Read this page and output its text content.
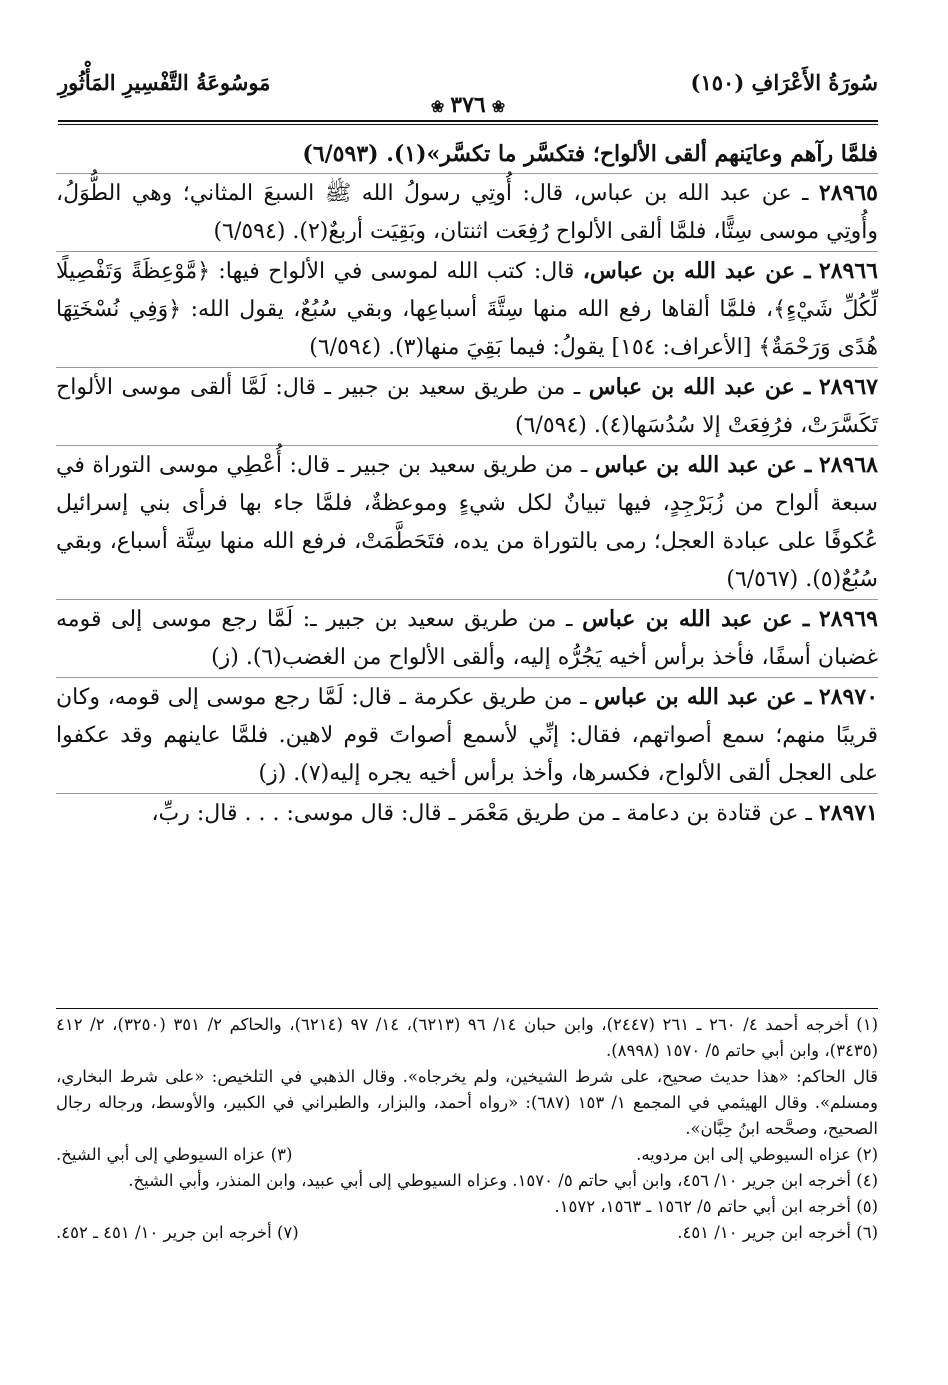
سُورَةُ الأَعْرَافِ (١٥٠)
مَوسُوعَةُ التَّفْسِيرِ المَأْثُورِ
❀٣٧٦❀

فلمَّا رآهم وعايَنهم ألقى الألواح؛ فتكسَّر ما تكسَّر»(١). (٦/٥٩٣)

٢٨٩٦٥ ـ عن عبد الله بن عباس، قال: أُوتِي رسولُ الله ﷺ السبعَ المثاني؛ وهي الطُّوَلُ، وأُوتِي موسى سِتًّا، فلمَّا ألقى الألواح رُفِعَت اثنتان، وبَقِيَت أربعٌ(٢). (٦/٥٩٤)

٢٨٩٦٦ ـ عن عبد الله بن عباس، قال: كتب الله لموسى في الألواح فيها: ﴿مَّوْعِظَةً وَتَفْصِيلًا لِّكُلِّ شَيْءٍ﴾، فلمَّا ألقاها رفع الله منها سِتَّةَ أسباعِها، وبقي سُبُعٌ، يقول الله: ﴿وَفِي نُسْخَتِهَا هُدًى وَرَحْمَةٌ﴾ [الأعراف: ١٥٤] يقولُ: فيما بَقِيَ منها(٣). (٦/٥٩٤)

٢٨٩٦٧ ـ عن عبد الله بن عباس ـ من طريق سعيد بن جبير ـ قال: لَمَّا ألقى موسى الألواح تَكَسَّرَتْ، فرُفِعَتْ إلا سُدُسَها(٤). (٦/٥٩٤)

٢٨٩٦٨ ـ عن عبد الله بن عباس ـ من طريق سعيد بن جبير ـ قال: أُعْطِي موسى التوراة في سبعة ألواح من زُبَرْجِدٍ، فيها تبيانٌ لكل شيءٍ وموعظةٌ، فلمَّا جاء بها فرأى بني إسرائيل عُكوفًا على عبادة العجل؛ رمى بالتوراة من يده، فتَحَطَّمَتْ، فرفع الله منها سِتَّة أسباع، وبقي سُبُعٌ(٥). (٦/٥٦٧)

٢٨٩٦٩ ـ عن عبد الله بن عباس ـ من طريق سعيد بن جبير ـ: لَمَّا رجع موسى إلى قومه غضبان أسفًا، فأخذ برأس أخيه يَجُرُّه إليه، وألقى الألواح من الغضب(٦). (ز)

٢٨٩٧٠ ـ عن عبد الله بن عباس ـ من طريق عكرمة ـ قال: لَمَّا رجع موسى إلى قومه، وكان قريبًا منهم؛ سمع أصواتهم، فقال: إنِّي لأسمع أصواتَ قوم لاهين. فلمَّا عاينهم وقد عكفوا على العجل ألقى الألواح، فكسرها، وأخذ برأس أخيه يجره إليه(٧). (ز)

٢٨٩٧١ ـ عن قتادة بن دعامة ـ من طريق مَعْمَر ـ قال: قال موسى: . . . قال: ربِّ،

(١) أخرجه أحمد ٤/ ٢٦٠ ـ ٢٦١ (٢٤٤٧)، وابن حبان ١٤/ ٩٦ (٦٢١٣)، ١٤/ ٩٧ (٦٢١٤)، والحاكم ٢/ ٣٥١ (٣٢٥٠)، ٢/ ٤١٢ (٣٤٣٥)، وابن أبي حاتم ٥/ ١٥٧٠ (٨٩٩٨).

قال الحاكم: «هذا حديث صحيح، على شرط الشيخين، ولم يخرجاه». وقال الذهبي في التلخيص: «على شرط البخاري، ومسلم». وقال الهيثمي في المجمع ١/ ١٥٣ (٦٨٧): «رواه أحمد، والبزار، والطبراني في الكبير، والأوسط، ورجاله رجال الصحيح، وصحَّحه ابنُ حِبَّان».

(٢) عزاه السيوطي إلى ابن مردويه.
(٣) عزاه السيوطي إلى أبي الشيخ.

(٤) أخرجه ابن جرير ١٠/ ٤٥٦، وابن أبي حاتم ٥/ ١٥٧٠. وعزاه السيوطي إلى أبي عبيد، وابن المنذر، وأبي الشيخ.

(٥) أخرجه ابن أبي حاتم ٥/ ١٥٦٢ ـ ١٥٦٣، ١٥٧٢.

(٦) أخرجه ابن جرير ١٠/ ٤٥١.
(٧) أخرجه ابن جرير ١٠/ ٤٥١ ـ ٤٥٢.
